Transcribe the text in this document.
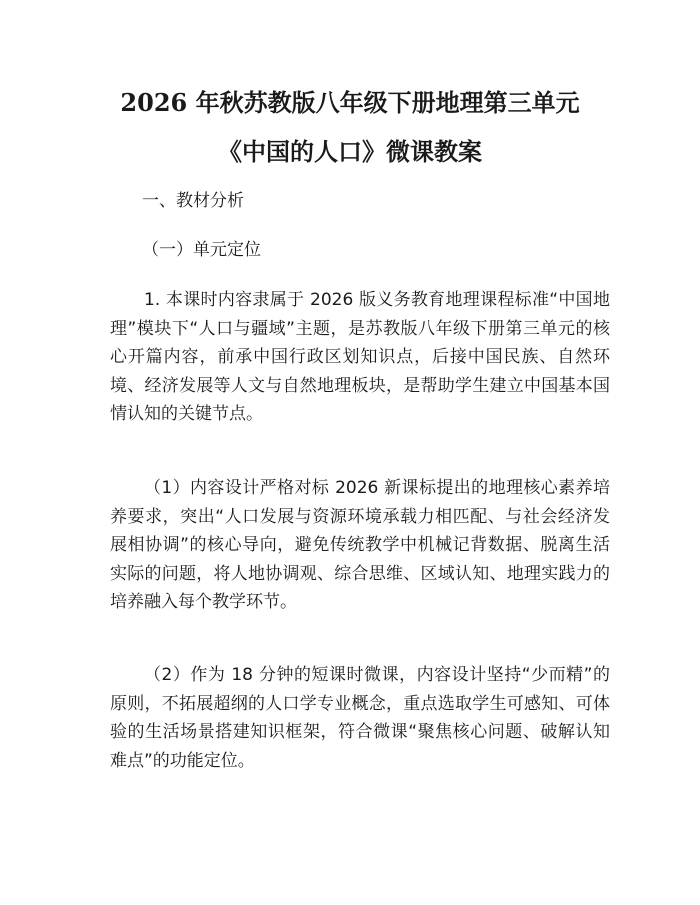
2026 年秋苏教版八年级下册地理第三单元
《中国的人口》微课教案

一、教材分析

（一）单元定位

1. 本课时内容隶属于 2026 版义务教育地理课程标准“中国地理”模块下“人口与疆域”主题，是苏教版八年级下册第三单元的核心开篇内容，前承中国行政区划知识点，后接中国民族、自然环境、经济发展等人文与自然地理板块，是帮助学生建立中国基本国情认知的关键节点。

（1）内容设计严格对标 2026 新课标提出的地理核心素养培养要求，突出“人口发展与资源环境承载力相匹配、与社会经济发展相协调”的核心导向，避免传统教学中机械记背数据、脱离生活实际的问题，将人地协调观、综合思维、区域认知、地理实践力的培养融入每个教学环节。

（2）作为 18 分钟的短课时微课，内容设计坚持“少而精”的原则，不拓展超纲的人口学专业概念，重点选取学生可感知、可体验的生活场景搭建知识框架，符合微课“聚焦核心问题、破解认知难点”的功能定位。
